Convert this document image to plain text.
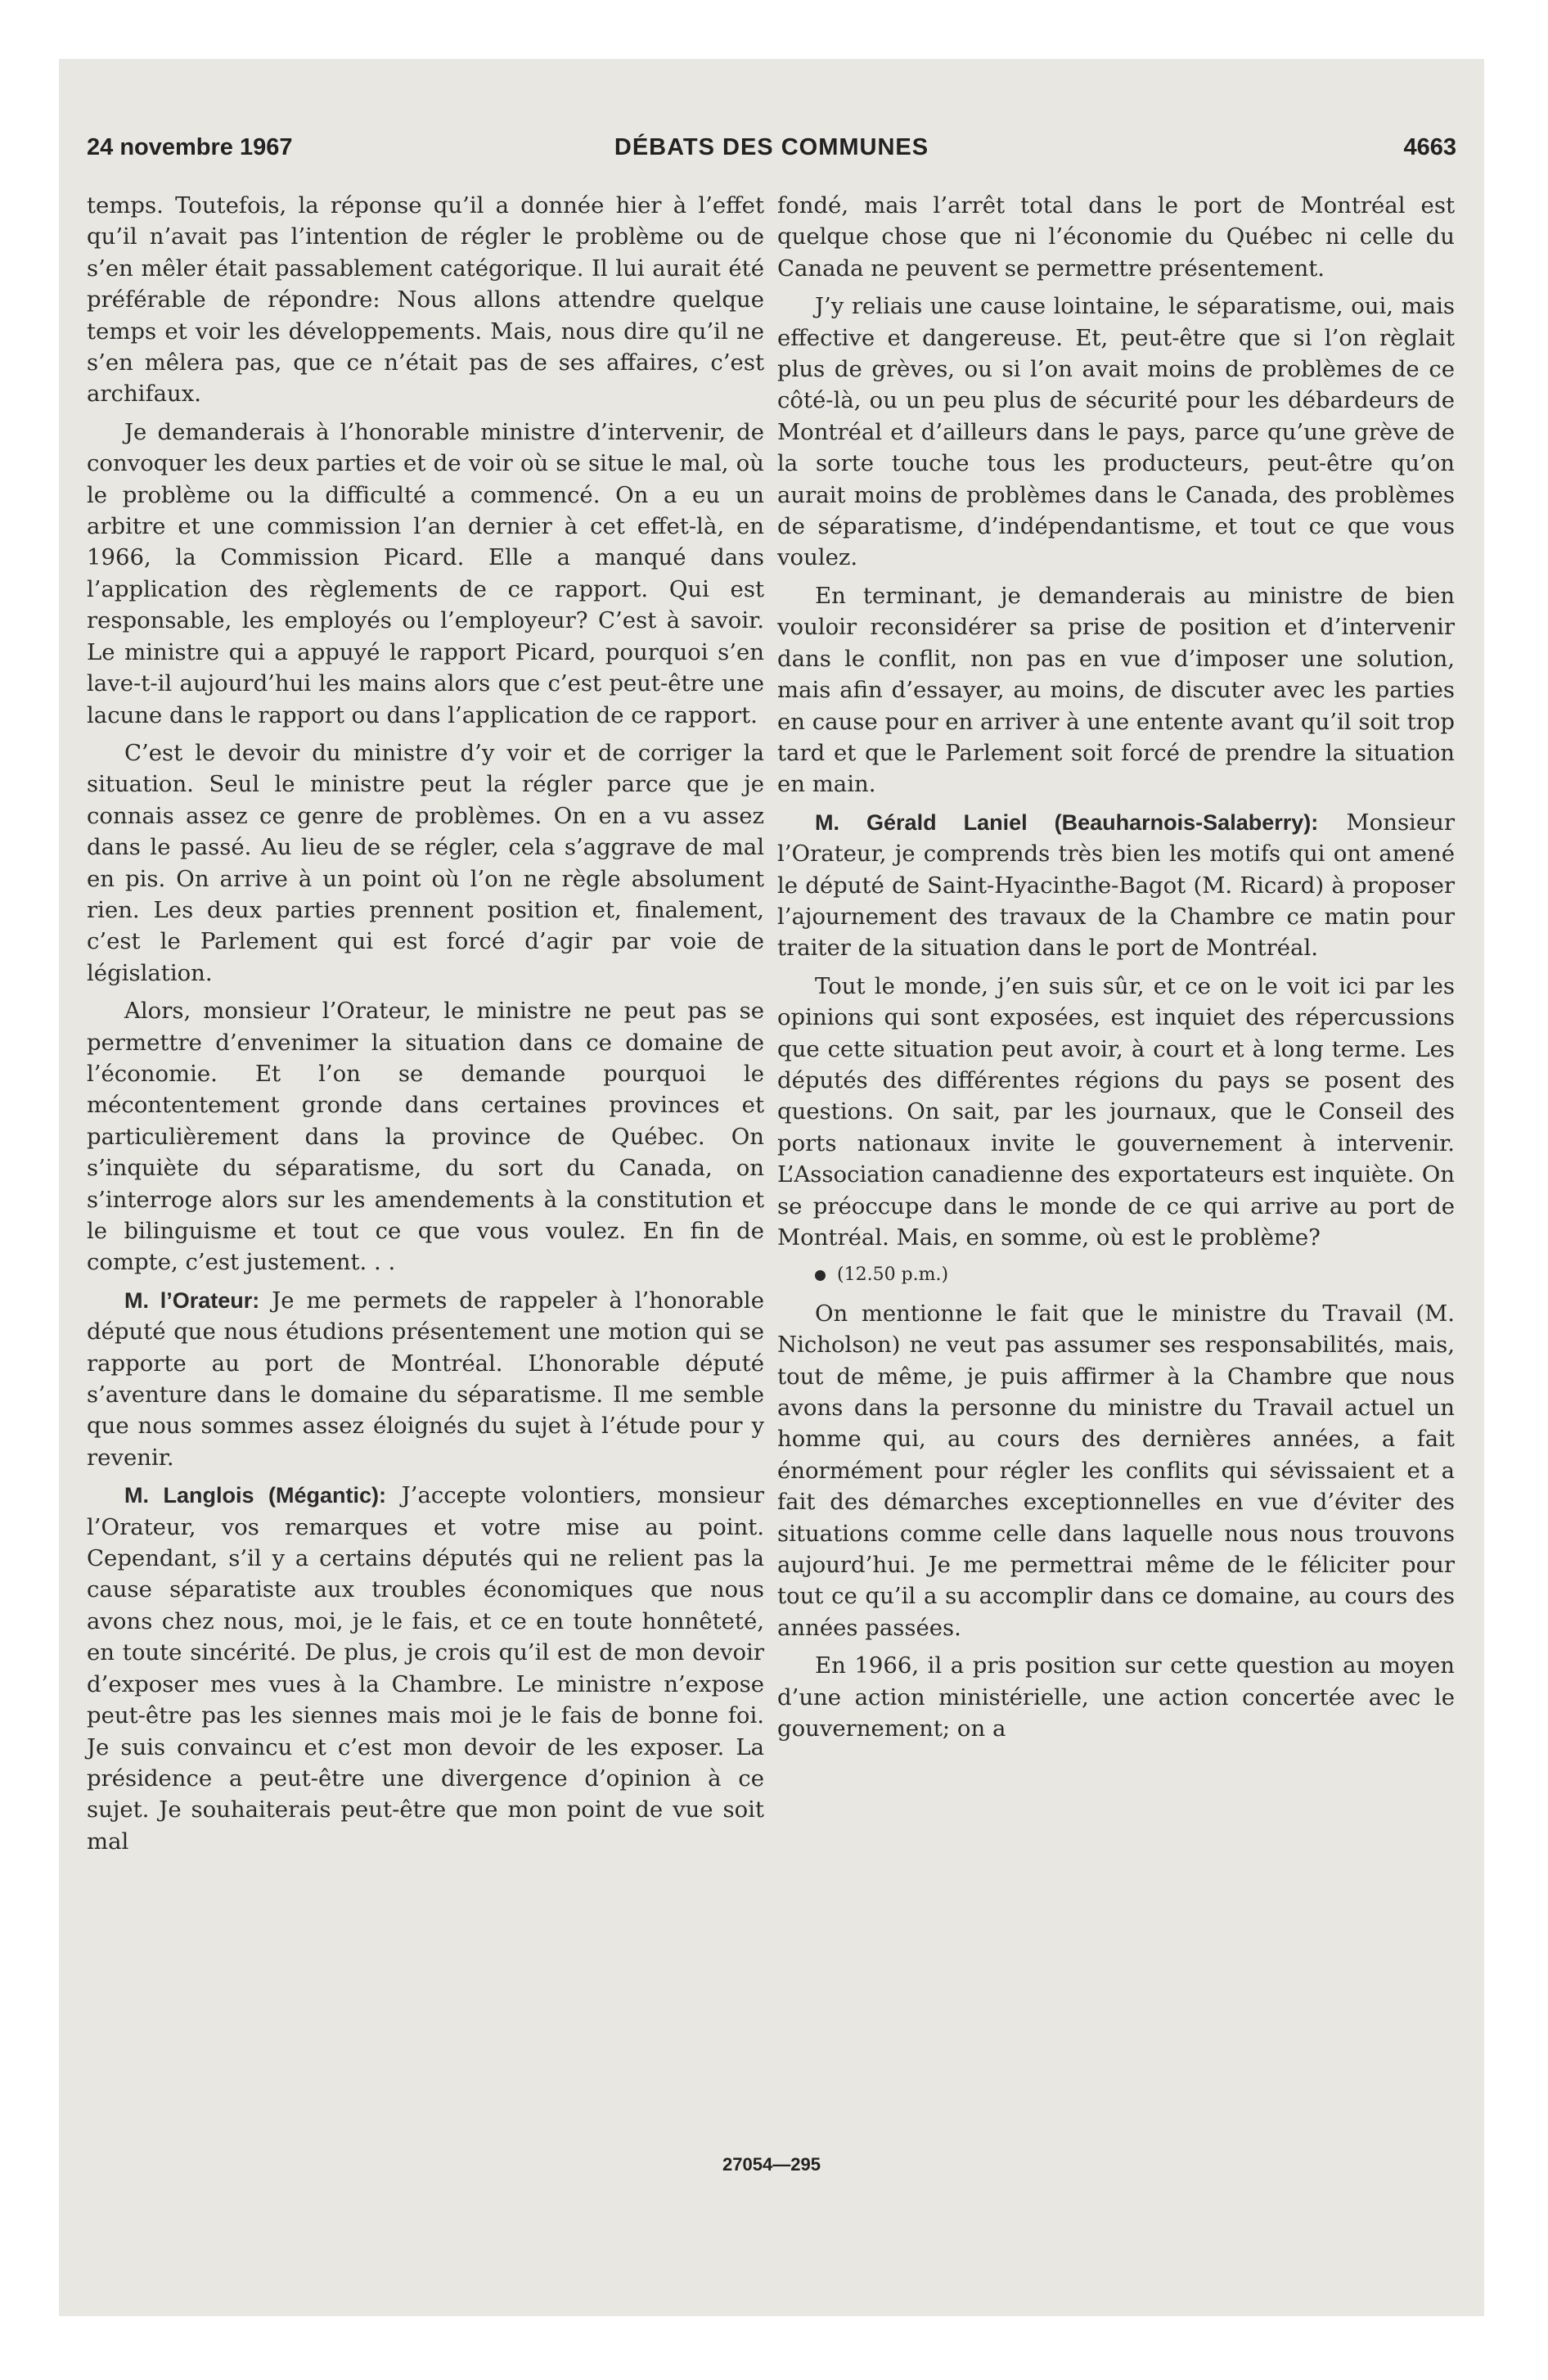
24 novembre 1967	DÉBATS DES COMMUNES	4663

temps. Toutefois, la réponse qu’il a donnée hier à l’effet qu’il n’avait pas l’intention de régler le problème ou de s’en mêler était passablement catégorique. Il lui aurait été préférable de répondre: Nous allons attendre quelque temps et voir les développements. Mais, nous dire qu’il ne s’en mêlera pas, que ce n’était pas de ses affaires, c’est archifaux.

Je demanderais à l’honorable ministre d’intervenir, de convoquer les deux parties et de voir où se situe le mal, où le problème ou la difficulté a commencé. On a eu un arbitre et une commission l’an dernier à cet effet-là, en 1966, la Commission Picard. Elle a manqué dans l’application des règlements de ce rapport. Qui est responsable, les employés ou l’employeur? C’est à savoir. Le ministre qui a appuyé le rapport Picard, pourquoi s’en lave-t-il aujourd’hui les mains alors que c’est peut-être une lacune dans le rapport ou dans l’application de ce rapport.

C’est le devoir du ministre d’y voir et de corriger la situation. Seul le ministre peut la régler parce que je connais assez ce genre de problèmes. On en a vu assez dans le passé. Au lieu de se régler, cela s’aggrave de mal en pis. On arrive à un point où l’on ne règle absolument rien. Les deux parties prennent position et, finalement, c’est le Parlement qui est forcé d’agir par voie de législation.

Alors, monsieur l’Orateur, le ministre ne peut pas se permettre d’envenimer la situation dans ce domaine de l’économie. Et l’on se demande pourquoi le mécontentement gronde dans certaines provinces et particulièrement dans la province de Québec. On s’inquiète du séparatisme, du sort du Canada, on s’interroge alors sur les amendements à la constitution et le bilinguisme et tout ce que vous voulez. En fin de compte, c’est justement. . .

M. l’Orateur: Je me permets de rappeler à l’honorable député que nous étudions présentement une motion qui se rapporte au port de Montréal. L’honorable député s’aventure dans le domaine du séparatisme. Il me semble que nous sommes assez éloignés du sujet à l’étude pour y revenir.

M. Langlois (Mégantic): J’accepte volontiers, monsieur l’Orateur, vos remarques et votre mise au point. Cependant, s’il y a certains députés qui ne relient pas la cause séparatiste aux troubles économiques que nous avons chez nous, moi, je le fais, et ce en toute honnêteté, en toute sincérité. De plus, je crois qu’il est de mon devoir d’exposer mes vues à la Chambre. Le ministre n’expose peut-être pas les siennes mais moi je le fais de bonne foi. Je suis convaincu et c’est mon devoir de les exposer. La présidence a peut-être une divergence d’opinion à ce sujet. Je souhaiterais peut-être que mon point de vue soit mal

fondé, mais l’arrêt total dans le port de Montréal est quelque chose que ni l’économie du Québec ni celle du Canada ne peuvent se permettre présentement.

J’y reliais une cause lointaine, le séparatisme, oui, mais effective et dangereuse. Et, peut-être que si l’on règlait plus de grèves, ou si l’on avait moins de problèmes de ce côté-là, ou un peu plus de sécurité pour les débardeurs de Montréal et d’ailleurs dans le pays, parce qu’une grève de la sorte touche tous les producteurs, peut-être qu’on aurait moins de problèmes dans le Canada, des problèmes de séparatisme, d’indépendantisme, et tout ce que vous voulez.

En terminant, je demanderais au ministre de bien vouloir reconsidérer sa prise de position et d’intervenir dans le conflit, non pas en vue d’imposer une solution, mais afin d’essayer, au moins, de discuter avec les parties en cause pour en arriver à une entente avant qu’il soit trop tard et que le Parlement soit forcé de prendre la situation en main.

M. Gérald Laniel (Beauharnois-Salaberry): Monsieur l’Orateur, je comprends très bien les motifs qui ont amené le député de Saint-Hyacinthe-Bagot (M. Ricard) à proposer l’ajournement des travaux de la Chambre ce matin pour traiter de la situation dans le port de Montréal.

Tout le monde, j’en suis sûr, et ce on le voit ici par les opinions qui sont exposées, est inquiet des répercussions que cette situation peut avoir, à court et à long terme. Les députés des différentes régions du pays se posent des questions. On sait, par les journaux, que le Conseil des ports nationaux invite le gouvernement à intervenir. L’Association canadienne des exportateurs est inquiète. On se préoccupe dans le monde de ce qui arrive au port de Montréal. Mais, en somme, où est le problème?

(12.50 p.m.)

On mentionne le fait que le ministre du Travail (M. Nicholson) ne veut pas assumer ses responsabilités, mais, tout de même, je puis affirmer à la Chambre que nous avons dans la personne du ministre du Travail actuel un homme qui, au cours des dernières années, a fait énormément pour régler les conflits qui sévissaient et a fait des démarches exceptionnelles en vue d’éviter des situations comme celle dans laquelle nous nous trouvons aujourd’hui. Je me permettrai même de le féliciter pour tout ce qu’il a su accomplir dans ce domaine, au cours des années passées.

En 1966, il a pris position sur cette question au moyen d’une action ministérielle, une action concertée avec le gouvernement; on a

27054—295
